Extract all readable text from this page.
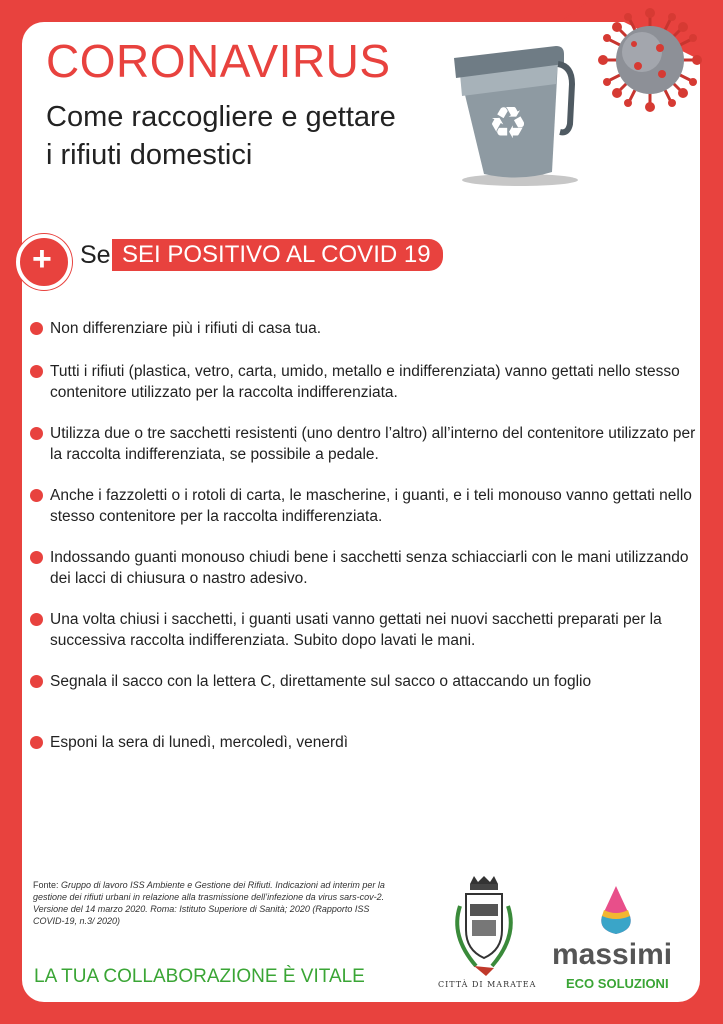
CORONAVIRUS
Come raccogliere e gettare
i rifiuti domestici
♻
+ Se SEI POSITIVO AL COVID 19
Non differenziare più i rifiuti di casa tua.
Tutti i rifiuti (plastica, vetro, carta, umido, metallo e indifferenziata) vanno gettati nello stesso contenitore utilizzato per la raccolta indifferenziata.
Utilizza due o tre sacchetti resistenti (uno dentro l’altro) all’interno del contenitore utilizzato per la raccolta indifferenziata, se possibile a pedale.
Anche i fazzoletti o i rotoli di carta, le mascherine, i guanti, e i teli monouso vanno gettati nello stesso contenitore per la raccolta indifferenziata.
Indossando guanti monouso chiudi bene i sacchetti senza schiacciarli con le mani utilizzando dei lacci di chiusura o nastro adesivo.
Una volta chiusi i sacchetti, i guanti usati vanno gettati nei nuovi sacchetti preparati per la successiva raccolta indifferenziata. Subito dopo lavati le mani.
Segnala il sacco con la lettera C, direttamente sul sacco o attaccando un foglio
Esponi la sera di lunedì, mercoledì, venerdì
Fonte: Gruppo di lavoro ISS Ambiente e Gestione dei Rifiuti. Indicazioni ad interim per la gestione dei rifiuti urbani in relazione alla trasmissione dell’infezione da virus sars-cov-2. Versione del 14 marzo 2020. Roma: Istituto Superiore di Sanità; 2020 (Rapporto ISS COVID-19, n.3/ 2020)
LA TUA COLLABORAZIONE È VITALE	CITTÀ DI MARATEA
massimi
ECO SOLUZIONI
